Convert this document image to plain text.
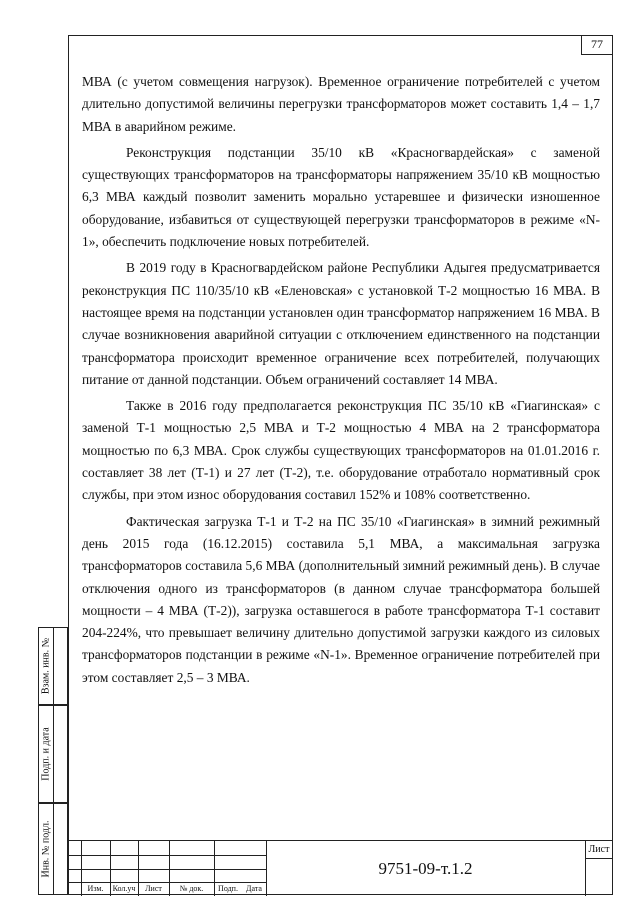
77

МВА (с учетом совмещения нагрузок). Временное ограничение потребителей с учетом длительно допустимой величины перегрузки трансформаторов может составить 1,4 – 1,7 МВА в аварийном режиме.

Реконструкция подстанции 35/10 кВ «Красногвардейская» с заменой существующих трансформаторов на трансформаторы напряжением 35/10 кВ мощностью 6,3 МВА каждый позволит заменить морально устаревшее и физически изношенное оборудование, избавиться от существующей перегрузки трансформаторов в режиме «N-1», обеспечить подключение новых потребителей.

В 2019 году в Красногвардейском районе Республики Адыгея предусматривается реконструкция ПС 110/35/10 кВ «Еленовская» с установкой Т-2 мощностью 16 МВА. В настоящее время на подстанции установлен один трансформатор напряжением 16 МВА. В случае возникновения аварийной ситуации с отключением единственного на подстанции трансформатора происходит временное ограничение всех потребителей, получающих питание от данной подстанции. Объем ограничений составляет 14 МВА.

Также в 2016 году предполагается реконструкция ПС 35/10 кВ «Гиагинская» с заменой Т-1 мощностью 2,5 МВА и Т-2 мощностью 4 МВА на 2 трансформатора мощностью по 6,3 МВА. Срок службы существующих трансформаторов на 01.01.2016 г. составляет 38 лет (Т-1) и 27 лет (Т-2), т.е. оборудование отработало нормативный срок службы, при этом износ оборудования составил 152% и 108% соответственно.

Фактическая загрузка Т-1 и Т-2 на ПС 35/10 «Гиагинская» в зимний режимный день 2015 года (16.12.2015) составила 5,1 МВА, а максимальная загрузка трансформаторов составила 5,6 МВА (дополнительный зимний режимный день). В случае отключения одного из трансформаторов (в данном случае трансформатора большей мощности – 4 МВА (Т-2)), загрузка оставшегося в работе трансформатора Т-1 составит 204-224%, что превышает величину длительно допустимой загрузки каждого из силовых трансформаторов подстанции в режиме «N-1». Временное ограничение потребителей при этом составляет 2,5 – 3 МВА.

Взам. инв. №
Подп. и дата
Инв. № подл.
Изм.	Кол.уч	Лист	№ док.	Подп.	Дата
9751-09-т.1.2
Лист
